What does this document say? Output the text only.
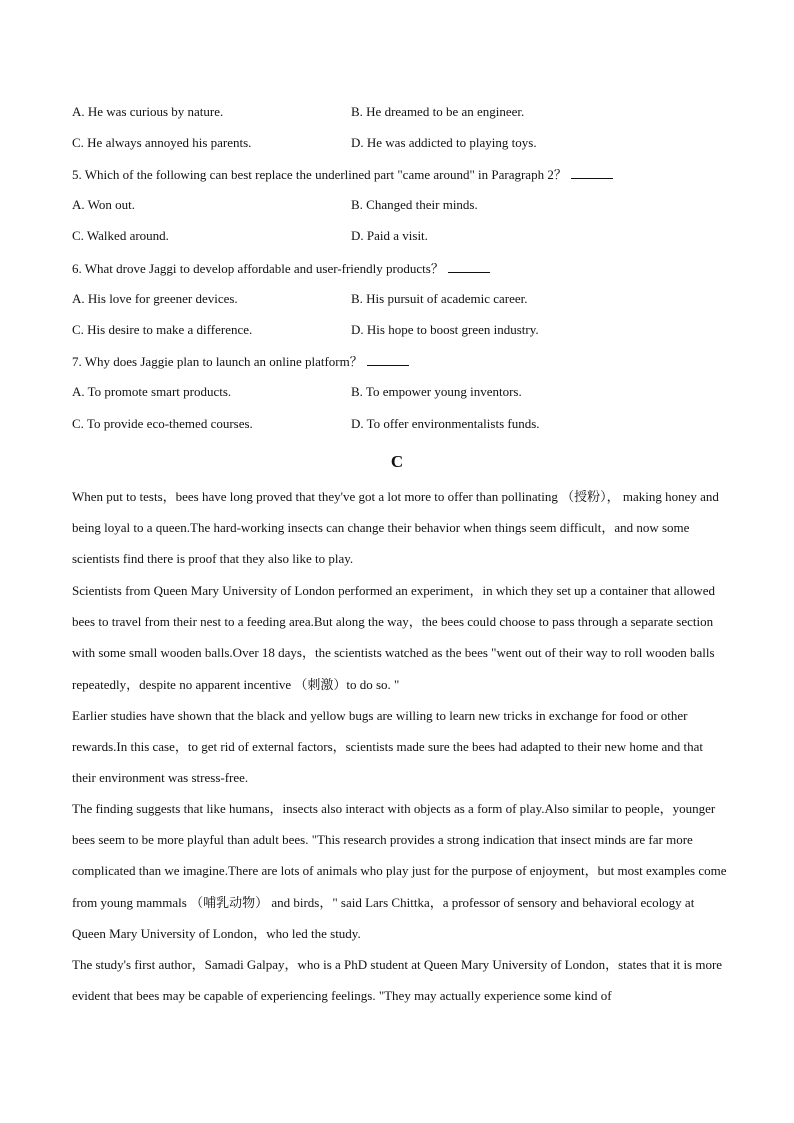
A. He was curious by nature.	B. He dreamed to be an engineer.
C. He always annoyed his parents.	D. He was addicted to playing toys.
5. Which of the following can best replace the underlined part "came around" in Paragraph 2？
A. Won out.	B. Changed their minds.
C. Walked around.	D. Paid a visit.
6. What drove Jaggi to develop affordable and user-friendly products？
A. His love for greener devices.	B. His pursuit of academic career.
C. His desire to make a difference.	D. His hope to boost green industry.
7. Why does Jaggie plan to launch an online platform？
A. To promote smart products.	B. To empower young inventors.
C. To provide eco-themed courses.	D. To offer environmentalists funds.
C
When put to tests，bees have long proved that they've got a lot more to offer than pollinating （授粉）， making honey and being loyal to a queen.The hard-working insects can change their behavior when things seem difficult，and now some scientists find there is proof that they also like to play.
Scientists from Queen Mary University of London performed an experiment，in which they set up a container that allowed bees to travel from their nest to a feeding area.But along the way，the bees could choose to pass through a separate section with some small wooden balls.Over 18 days，the scientists watched as the bees "went out of their way to roll wooden balls repeatedly，despite no apparent incentive （刺激）to do so. "
Earlier studies have shown that the black and yellow bugs are willing to learn new tricks in exchange for food or other rewards.In this case，to get rid of external factors，scientists made sure the bees had adapted to their new home and that their environment was stress-free.
The finding suggests that like humans，insects also interact with objects as a form of play.Also similar to people，younger bees seem to be more playful than adult bees. "This research provides a strong indication that insect minds are far more complicated than we imagine.There are lots of animals who play just for the purpose of enjoyment，but most examples come from young mammals （哺乳动物） and birds，" said Lars Chittka，a professor of sensory and behavioral ecology at Queen Mary University of London，who led the study.
The study's first author，Samadi Galpay，who is a PhD student at Queen Mary University of London，states that it is more evident that bees may be capable of experiencing feelings. "They may actually experience some kind of
